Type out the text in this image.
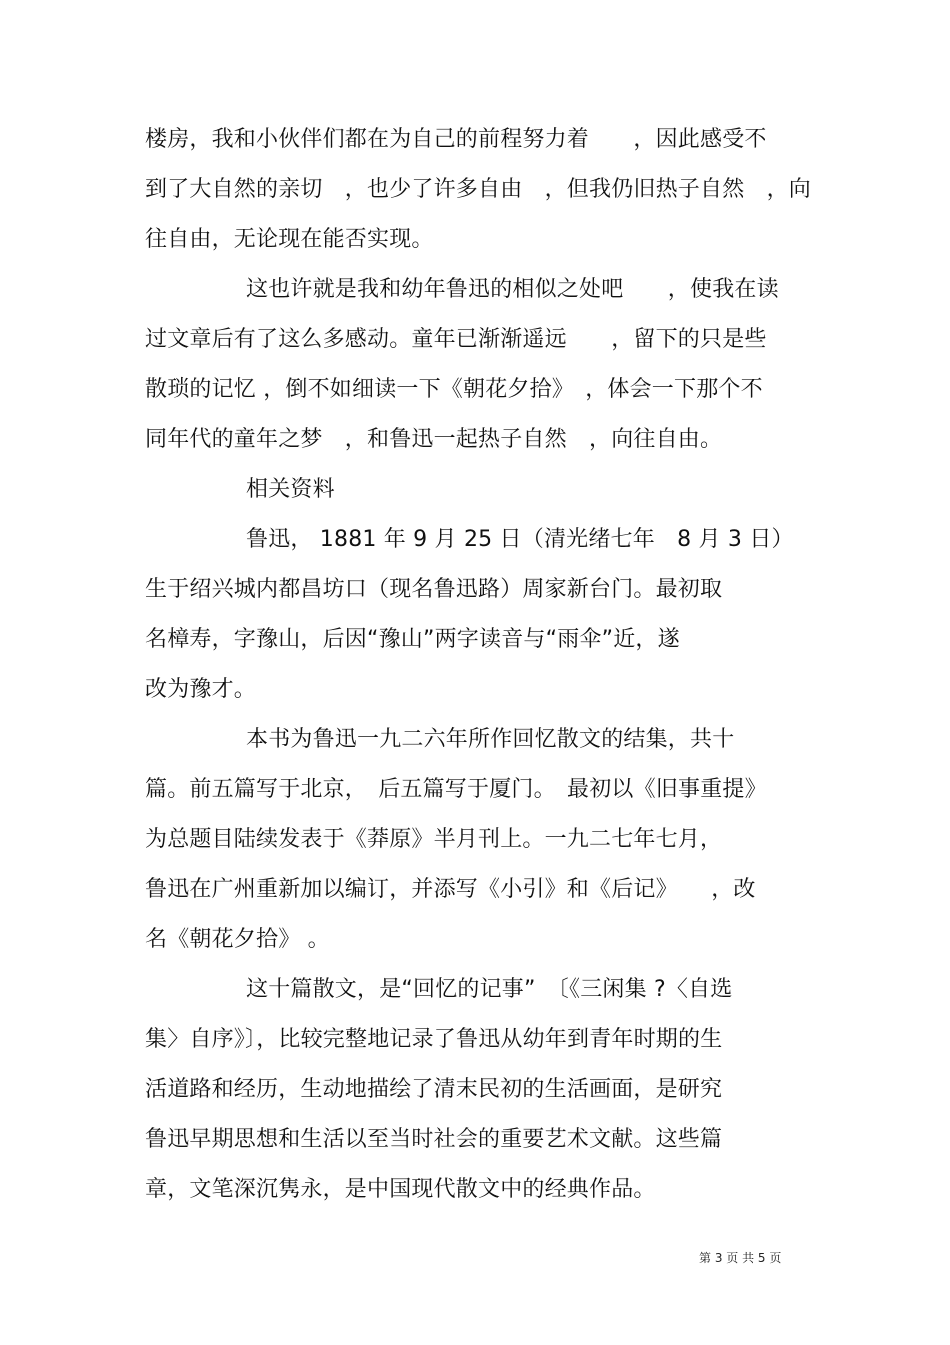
楼房，我和小伙伴们都在为自己的前程努力着　　，因此感受不
到了大自然的亲切　，也少了许多自由　，但我仍旧热子自然　，向
往自由，无论现在能否实现。
这也许就是我和幼年鲁迅的相似之处吧　　，使我在读
过文章后有了这么多感动。童年已渐渐遥远　　，留下的只是些
散琐的记忆 ，倒不如细读一下《朝花夕拾》　，体会一下那个不
同年代的童年之梦　，和鲁迅一起热子自然　，向往自由。
相关资料
鲁迅， 1881 年 9 月 25 日（清光绪七年　8 月 3 日）
生于绍兴城内都昌坊口（现名鲁迅路）周家新台门。最初取
名樟寿，字豫山，后因“豫山”两字读音与“雨伞”近，遂
改为豫才。
本书为鲁迅一九二六年所作回忆散文的结集，共十
篇。前五篇写于北京，　后五篇写于厦门。　最初以《旧事重提》
为总题目陆续发表于《莽原》半月刊上。一九二七年七月，
鲁迅在广州重新加以编订，并添写《小引》和《后记》　　，改
名《朝花夕拾》 。
这十篇散文，是“回忆的记事”　〔《三闲集 ?〈自选
集〉自序》〕，比较完整地记录了鲁迅从幼年到青年时期的生
活道路和经历，生动地描绘了清末民初的生活画面，是研究
鲁迅早期思想和生活以至当时社会的重要艺术文献。这些篇
章，文笔深沉隽永，是中国现代散文中的经典作品。
第 3 页 共 5 页
